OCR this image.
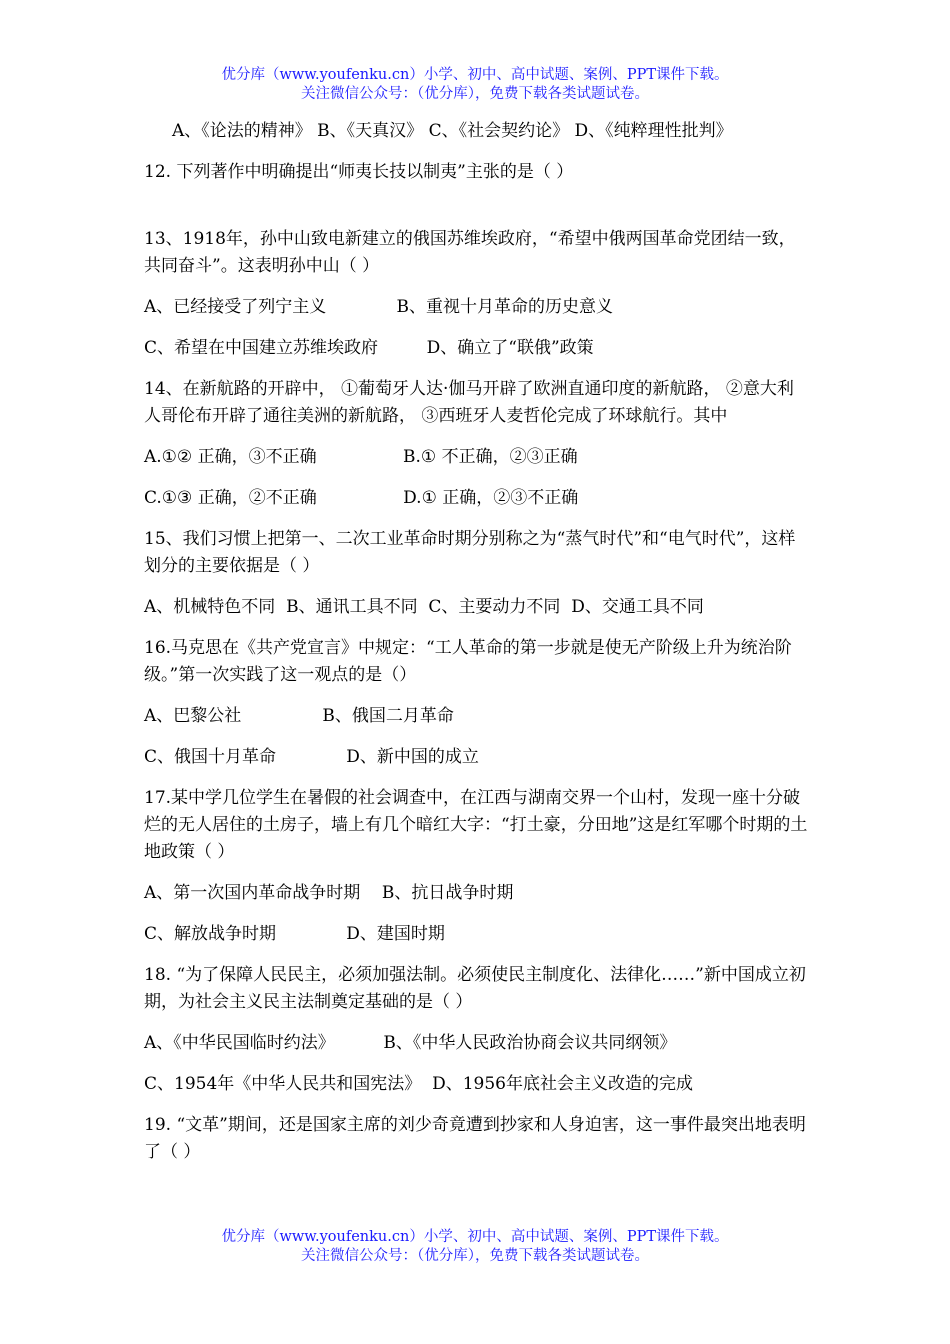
优分库（www.youfenku.cn）小学、初中、高中试题、案例、PPT课件下载。
关注微信公众号：（优分库），免费下载各类试题试卷。

A、《论法的精神》 B、《天真汉》 C、《社会契约论》 D、《纯粹理性批判》

12. 下列著作中明确提出“师夷长技以制夷”主张的是（ ）

13、1918年，孙中山致电新建立的俄国苏维埃政府，“希望中俄两国革命党团结一致，共同奋斗”。这表明孙中山（ ）

A、已经接受了列宁主义             B、重视十月革命的历史意义

C、希望在中国建立苏维埃政府         D、确立了“联俄”政策

14、在新航路的开辟中， ①葡萄牙人达·伽马开辟了欧洲直通印度的新航路， ②意大利人哥伦布开辟了通往美洲的新航路， ③西班牙人麦哲伦完成了环球航行。其中

A.①② 正确，③不正确                B.① 不正确，②③正确

C.①③ 正确，②不正确                D.① 正确，②③不正确

15、我们习惯上把第一、二次工业革命时期分别称之为“蒸气时代”和“电气时代”，这样划分的主要依据是（ ）

A、机械特色不同  B、通讯工具不同  C、主要动力不同  D、交通工具不同

16.马克思在《共产党宣言》中规定：“工人革命的第一步就是使无产阶级上升为统治阶级。”第一次实践了这一观点的是（）

A、巴黎公社               B、俄国二月革命

C、俄国十月革命             D、新中国的成立

17.某中学几位学生在暑假的社会调查中，在江西与湖南交界一个山村，发现一座十分破烂的无人居住的土房子，墙上有几个暗红大字：“打土豪，分田地”这是红军哪个时期的土地政策（ ）

A、第一次国内革命战争时期    B、抗日战争时期

C、解放战争时期             D、建国时期

18. “为了保障人民民主，必须加强法制。必须使民主制度化、法律化……”新中国成立初期，为社会主义民主法制奠定基础的是（ ）

A、《中华民国临时约法》         B、《中华人民政治协商会议共同纲领》

C、1954年《中华人民共和国宪法》  D、1956年底社会主义改造的完成

19. “文革”期间，还是国家主席的刘少奇竟遭到抄家和人身迫害，这一事件最突出地表明了（ ）

优分库（www.youfenku.cn）小学、初中、高中试题、案例、PPT课件下载。
关注微信公众号：（优分库），免费下载各类试题试卷。
